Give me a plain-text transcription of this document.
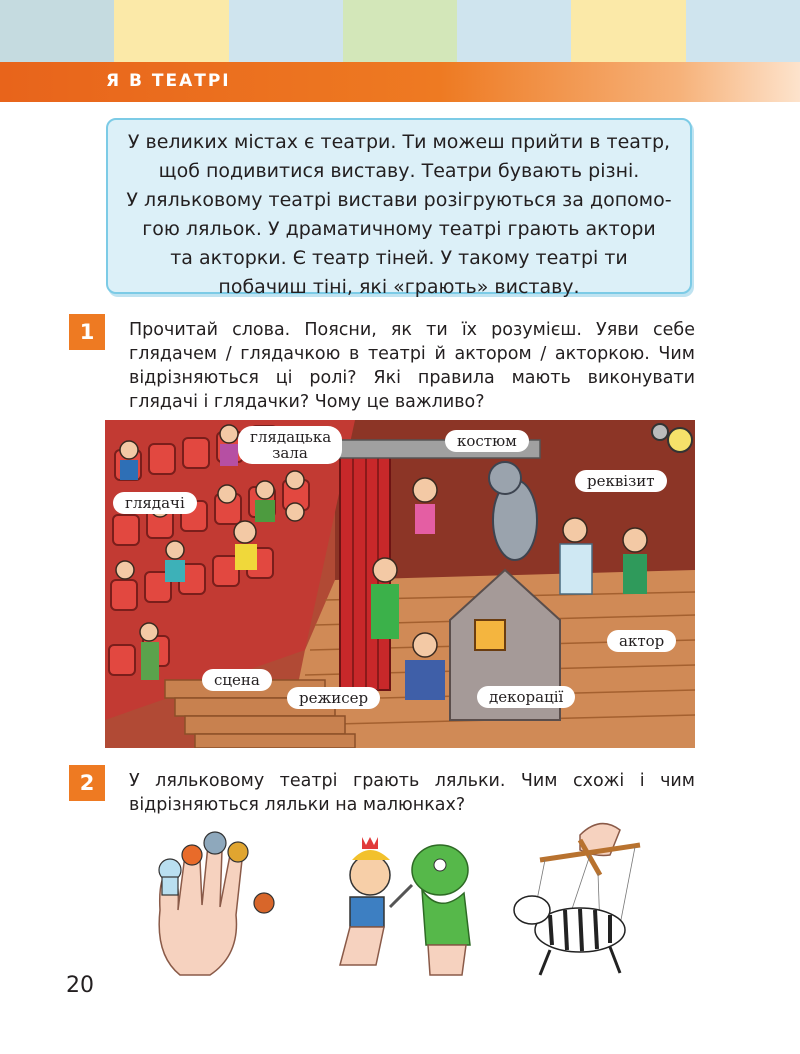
Я В ТЕАТРІ

У великих містах є театри. Ти можеш прийти в театр,

щоб подивитися виставу. Театри бувають різні.

У ляльковому театрі вистави розігруються за допомо-

гою ляльок. У драматичному театрі грають актори

та акторки. Є театр тіней. У такому театрі ти

побачиш тіні, які «грають» виставу.

1	Прочитай слова. Поясни, як ти їх розумієш. Уяви себе глядачем / глядачкою в театрі й актором / акторкою. Чим відрізняються ці ролі? Які правила мають виконувати глядачі і глядачки? Чому це важливо?
глядацька зала
костюм
реквізит
глядачі
актор
сцена
режисер	декорації
2	У ляльковому театрі грають ляльки. Чим схожі і чим відрізняються ляльки на малюнках?
20
